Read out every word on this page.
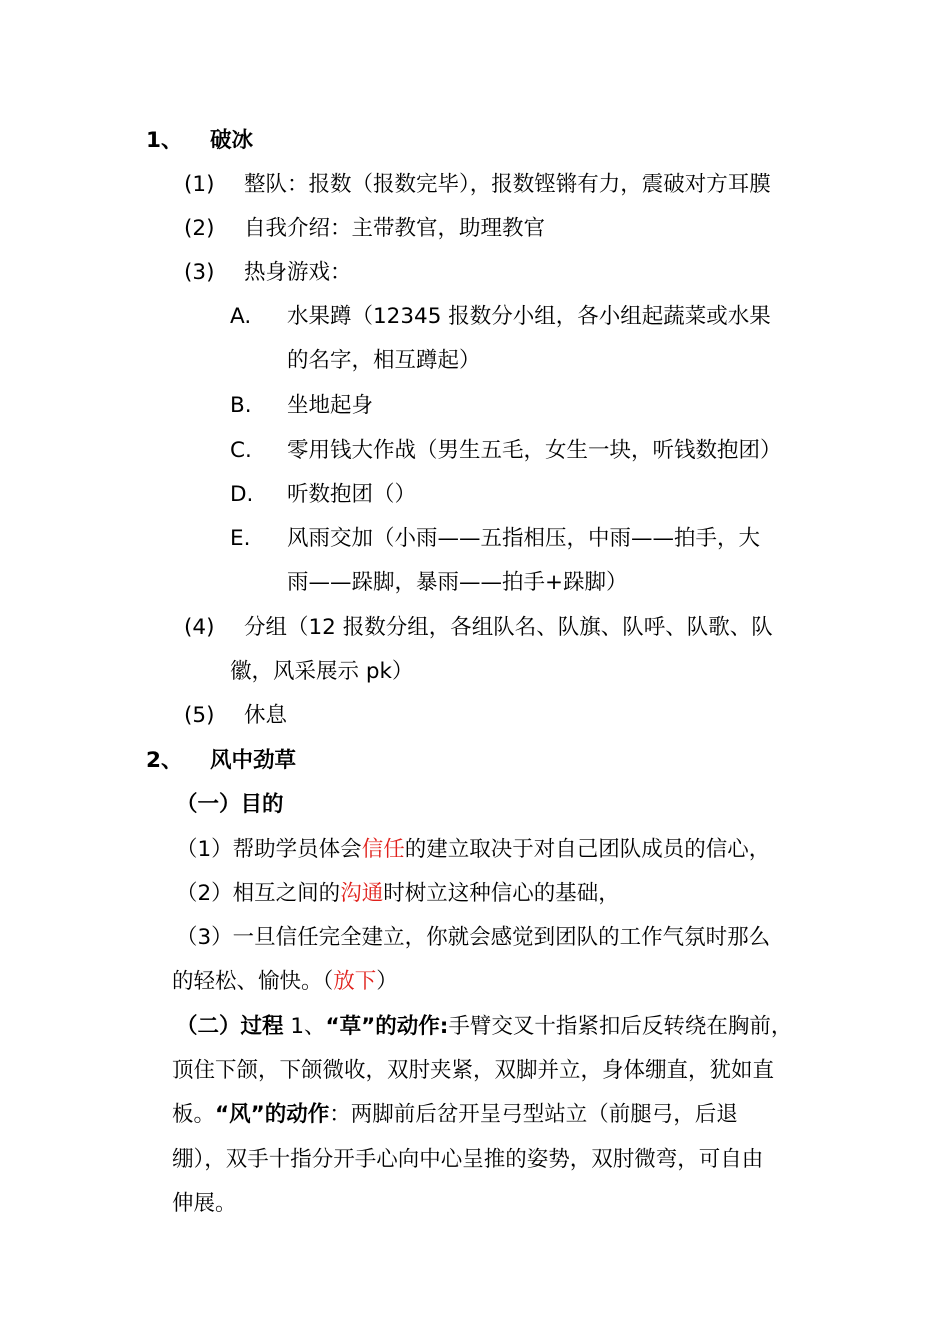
1、 破冰
(1) 整队：报数（报数完毕），报数铿锵有力，震破对方耳膜
(2) 自我介绍：主带教官，助理教官
(3) 热身游戏：
A. 水果蹲（12345 报数分小组，各小组起蔬菜或水果
的名字，相互蹲起）
B. 坐地起身
C. 零用钱大作战（男生五毛，女生一块，听钱数抱团）
D. 听数抱团（）
E. 风雨交加（小雨——五指相压，中雨——拍手，大
雨——跺脚，暴雨——拍手+跺脚）
(4) 分组（12 报数分组，各组队名、队旗、队呼、队歌、队
徽，风采展示 pk）
(5) 休息
2、 风中劲草
（一）目的
（1）帮助学员体会信任的建立取决于对自己团队成员的信心，
（2）相互之间的沟通时树立这种信心的基础，
（3）一旦信任完全建立，你就会感觉到团队的工作气氛时那么
的轻松、愉快。（放下）
（二）过程 1、“草”的动作:手臂交叉十指紧扣后反转绕在胸前，
顶住下颌，下颌微收，双肘夹紧，双脚并立，身体绷直，犹如直
板。“风”的动作：两脚前后岔开呈弓型站立（前腿弓，后退
绷），双手十指分开手心向中心呈推的姿势，双肘微弯，可自由
伸展。
